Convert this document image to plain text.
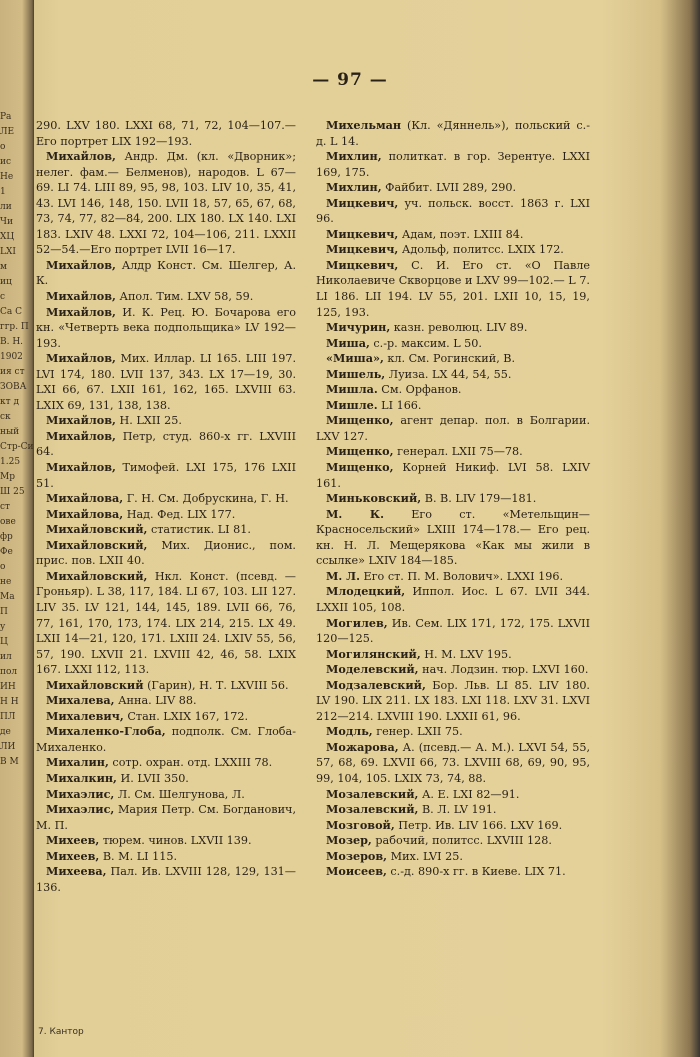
Ра
ЛЕ
о
ис
Не
1
ли
Чи
ХЦ
LXI
м
иц
с
Са С
ггр. П
В. Н.
1902
ия ст
ЗОВА
кт д
ск
ный
Стр-Си
1.25
Мр
Ш 25
ст
ове
фр
Фе
о
не
Ма
П
у
Ц
ил
пол
ИН
Н Н
ПЛ
де
ЛИ
В М
— 97 —
290. LXV 180. LXXI 68, 71, 72, 104—107.—Его портрет LIX 192—193.
Михайлов, Андр. Дм. (кл. «Дворник»; нелег. фам.— Белменов), народов. L 67—69. LI 74. LIII 89, 95, 98, 103. LIV 10, 35, 41, 43. LVI 146, 148, 150. LVII 18, 57, 65, 67, 68, 73, 74, 77, 82—84, 200. LIX 180. LX 140. LXI 183. LXIV 48. LXXI 72, 104—106, 211. LXXII 52—54.—Его портрет LVII 16—17.
Михайлов, Алдр Конст. См. Шелгер, А. К.
Михайлов, Апол. Тим. LXV 58, 59.
Михайлов, И. К. Рец. Ю. Бочарова его кн. «Четверть века подпольщика» LV 192—193.
Михайлов, Мих. Иллар. LI 165. LIII 197. LVI 174, 180. LVII 137, 343. LX 17—19, 30. LXI 66, 67. LXII 161, 162, 165. LXVIII 63. LXIX 69, 131, 138, 138.
Михайлов, Н. LXII 25.
Михайлов, Петр, студ. 860-х гг. LXVIII 64.
Михайлов, Тимофей. LXI 175, 176 LXII 51.
Михайлова, Г. Н. См. Добрускина, Г. Н.
Михайлова, Над. Фед. LIX 177.
Михайловский, статистик. LI 81.
Михайловский, Мих. Дионис., пом. прис. пов. LXII 40.
Михайловский, Нкл. Конст. (псевд. — Гроньяр). L 38, 117, 184. LI 67, 103. LII 127. LIV 35. LV 121, 144, 145, 189. LVII 66, 76, 77, 161, 170, 173, 174. LIX 214, 215. LX 49. LXII 14—21, 120, 171. LXIII 24. LXIV 55, 56, 57, 190. LXVII 21. LXVIII 42, 46, 58. LXIX 167. LXXI 112, 113.
Михайловский (Гарин), Н. Т. LXVIII 56.
Михалева, Анна. LIV 88.
Михалевич, Стан. LXIX 167, 172.
Михаленко-Глоба, подполк. См. Глоба-Михаленко.
Михалин, сотр. охран. отд. LXXIII 78.
Михалкин, И. LVII 350.
Михаэлис, Л. См. Шелгунова, Л.
Михаэлис, Мария Петр. См. Богданович, М. П.
Михеев, тюрем. чинов. LXVII 139.
Михеев, В. М. LI 115.
Михеева, Пал. Ив. LXVIII 128, 129, 131—136.
Михельман (Кл. «Дяннель»), польский с.-д. L 14.
Михлин, политкат. в гор. Зерентуе. LXXI 169, 175.
Михлин, Файбит. LVII 289, 290.
Мицкевич, уч. польск. восст. 1863 г. LXI 96.
Мицкевич, Адам, поэт. LXIII 84.
Мицкевич, Адольф, политсс. LXIX 172.
Мицкевич, С. И. Его ст. «О Павле Николаевиче Скворцове и LXV 99—102.— L 7. LI 186. LII 194. LV 55, 201. LXII 10, 15, 19, 125, 193.
Мичурин, казн. революц. LIV 89.
Миша, с.-р. максим. L 50.
«Миша», кл. См. Рогинский, В.
Мишель, Луиза. LX 44, 54, 55.
Мишла. См. Орфанов.
Мишле. LI 166.
Мищенко, агент депар. пол. в Болгарии. LXV 127.
Мищенко, генерал. LXII 75—78.
Мищенко, Корней Никиф. LVI 58. LXIV 161.
Миньковский, В. В. LIV 179—181.
М. К. Его ст. «Метельщин—Красносельский» LXIII 174—178.— Его рец. кн. Н. Л. Мещерякова «Как мы жили в ссылке» LXIV 184—185.
М. Л. Его ст. П. М. Волович». LXXI 196.
Млодецкий, Иппол. Иос. L 67. LVII 344. LXXII 105, 108.
Могилев, Ив. Сем. LIX 171, 172, 175. LXVII 120—125.
Могилянский, Н. М. LXV 195.
Моделевский, нач. Лодзин. тюр. LXVI 160.
Модзалевский, Бор. Льв. LI 85. LIV 180. LV 190. LIX 211. LX 183. LXI 118. LXV 31. LXVI 212—214. LXVIII 190. LXXII 61, 96.
Модль, генер. LXII 75.
Можарова, А. (псевд.— А. М.). LXVI 54, 55, 57, 68, 69. LXVII 66, 73. LXVIII 68, 69, 90, 95, 99, 104, 105. LXIX 73, 74, 88.
Мозалевский, А. Е. LXI 82—91.
Мозалевский, В. Л. LV 191.
Мозговой, Петр. Ив. LIV 166. LXV 169.
Мозер, рабочий, политсс. LXVIII 128.
Мозеров, Мих. LVI 25.
Моисеев, с.-д. 890-х гг. в Киеве. LIX 71.
7. Кантор
